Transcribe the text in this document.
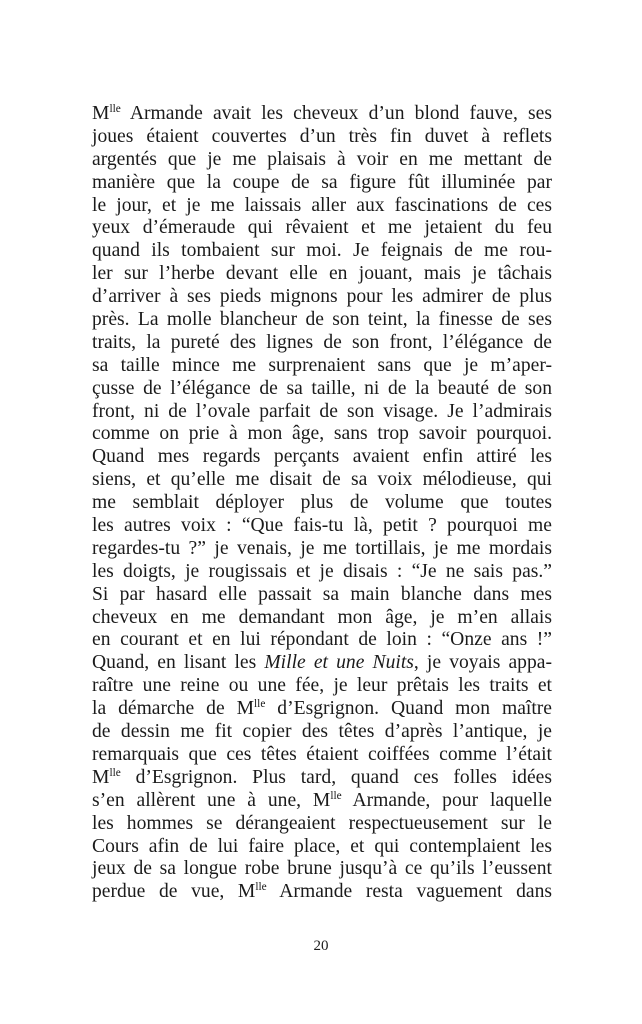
$M^{lle}$ Armande avait les cheveux d’un blond fauve, ses
joues étaient couvertes d’un très fin duvet à reflets
argentés que je me plaisais à voir en me mettant de
manière que la coupe de sa figure fût illuminée par
le jour, et je me laissais aller aux fascinations de ces
yeux d’émeraude qui rêvaient et me jetaient du feu
quand ils tombaient sur moi. Je feignais de me rou-
ler sur l’herbe devant elle en jouant, mais je tâchais
d’arriver à ses pieds mignons pour les admirer de plus
près. La molle blancheur de son teint, la finesse de ses
traits, la pureté des lignes de son front, l’élégance de
sa taille mince me surprenaient sans que je m’aper-
çusse de l’élégance de sa taille, ni de la beauté de son
front, ni de l’ovale parfait de son visage. Je l’admirais
comme on prie à mon âge, sans trop savoir pourquoi.
Quand mes regards perçants avaient enfin attiré les
siens, et qu’elle me disait de sa voix mélodieuse, qui
me semblait déployer plus de volume que toutes
les autres voix : “Que fais-tu là, petit ? pourquoi me
regardes-tu ?” je venais, je me tortillais, je me mordais
les doigts, je rougissais et je disais : “Je ne sais pas.”
Si par hasard elle passait sa main blanche dans mes
cheveux en me demandant mon âge, je m’en allais
en courant et en lui répondant de loin : “Onze ans !”
Quand, en lisant les Mille et une Nuits, je voyais appa-
raître une reine ou une fée, je leur prêtais les traits et
la démarche de $M^{lle}$ d’Esgrignon. Quand mon maître
de dessin me fit copier des têtes d’après l’antique, je
remarquais que ces têtes étaient coiffées comme l’était
$M^{lle}$ d’Esgrignon. Plus tard, quand ces folles idées
s’en allèrent une à une, $M^{lle}$ Armande, pour laquelle
les hommes se dérangeaient respectueusement sur le
Cours afin de lui faire place, et qui contemplaient les
jeux de sa longue robe brune jusqu’à ce qu’ils l’eussent
perdue de vue, $M^{lle}$ Armande resta vaguement dans
20
